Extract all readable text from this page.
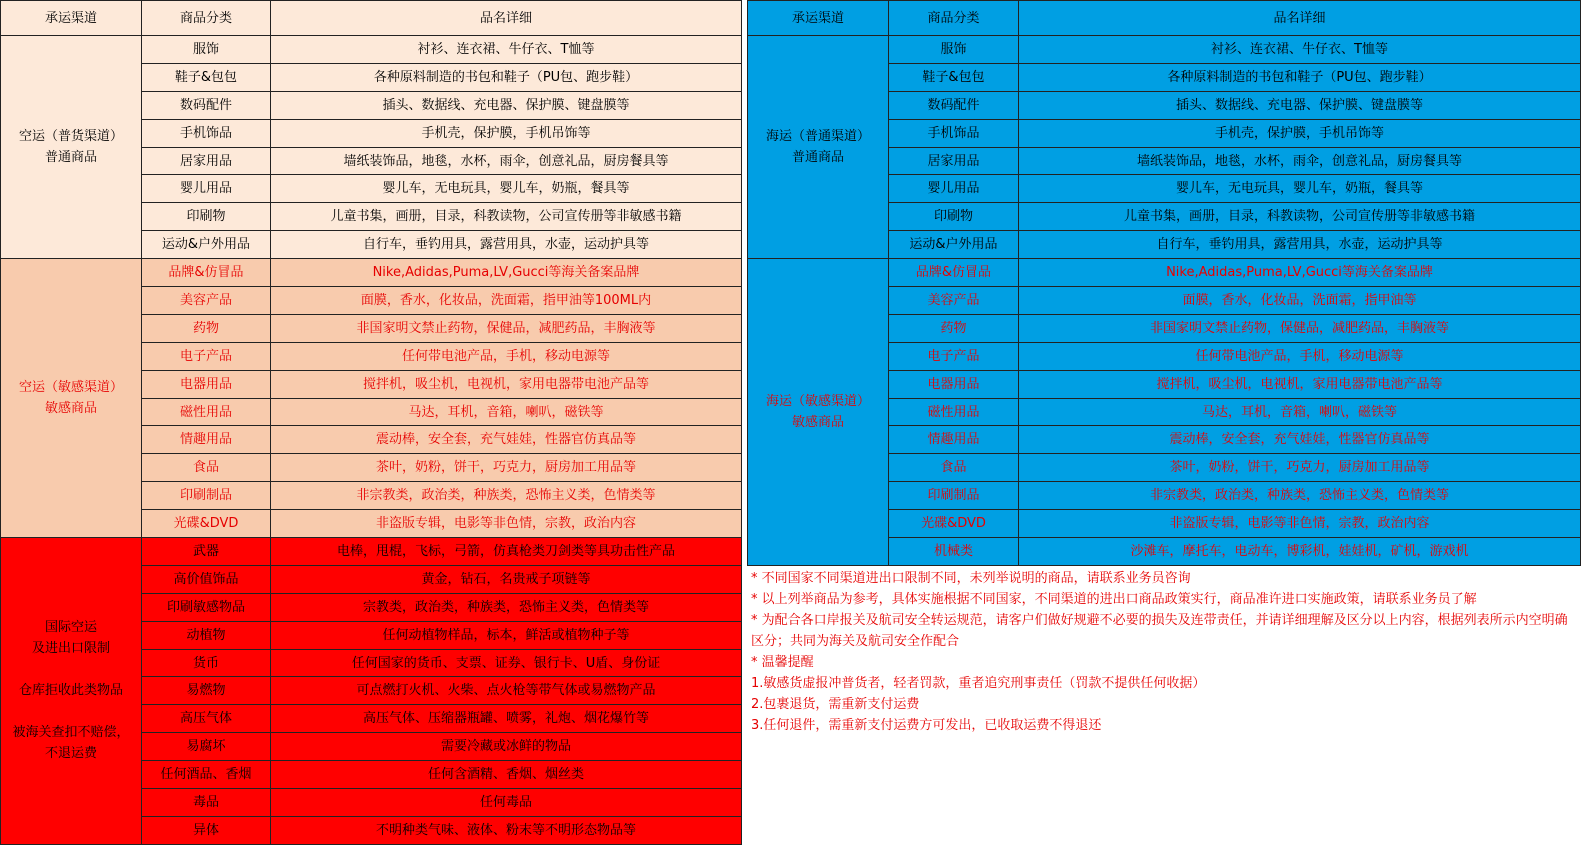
承运渠道	商品分类	品名详细

空运（普货渠道）
普通商品	服饰	衬衫、连衣裙、牛仔衣、T恤等
	鞋子&包包	各种原料制造的书包和鞋子（PU包、跑步鞋）
	数码配件	插头、数据线、充电器、保护膜、键盘膜等
	手机饰品	手机壳，保护膜，手机吊饰等
	居家用品	墙纸装饰品，地毯，水杯，雨伞，创意礼品，厨房餐具等
	婴儿用品	婴儿车，无电玩具，婴儿车，奶瓶，餐具等
	印刷物	儿童书集，画册，目录，科教读物，公司宣传册等非敏感书籍
	运动&户外用品	自行车，垂钓用具，露营用具，水壶，运动护具等

空运（敏感渠道）
敏感商品	品牌&仿冒品	Nike,Adidas,Puma,LV,Gucci等海关备案品牌
	美容产品	面膜，香水，化妆品，洗面霜，指甲油等100ML内
	药物	非国家明文禁止药物，保健品，减肥药品，丰胸液等
	电子产品	任何带电池产品，手机，移动电源等
	电器用品	搅拌机，吸尘机，电视机，家用电器带电池产品等
	磁性用品	马达，耳机，音箱，喇叭，磁铁等
	情趣用品	震动棒，安全套，充气娃娃，性器官仿真品等
	食品	茶叶，奶粉，饼干，巧克力，厨房加工用品等
	印刷制品	非宗教类，政治类，种族类，恐怖主义类，色情类等
	光碟&DVD	非盗版专辑，电影等非色情，宗教，政治内容

国际空运
及进出口限制
仓库拒收此类物品
被海关查扣不赔偿，
不退运费	武器	电棒，甩棍，飞标，弓箭，仿真枪类刀剑类等具功击性产品
	高价值饰品	黄金，钻石，名贵戒子项链等
	印刷敏感物品	宗教类，政治类，种族类，恐怖主义类，色情类等
	动植物	任何动植物样品，标本，鲜活或植物种子等
	货币	任何国家的货币、支票、证券、银行卡、U盾、身份证
	易燃物	可点燃打火机、火柴、点火枪等带气体或易燃物产品
	高压气体	高压气体、压缩器瓶罐、喷雾，礼炮、烟花爆竹等
	易腐坏	需要冷藏或冰鲜的物品
	任何酒品、香烟	任何含酒精、香烟、烟丝类
	毒品	任何毒品
	异体	不明种类气味、液体、粉末等不明形态物品等
承运渠道	商品分类	品名详细

海运（普通渠道）
普通商品	服饰	衬衫、连衣裙、牛仔衣、T恤等
	鞋子&包包	各种原料制造的书包和鞋子（PU包、跑步鞋）
	数码配件	插头、数据线、充电器、保护膜、键盘膜等
	手机饰品	手机壳，保护膜，手机吊饰等
	居家用品	墙纸装饰品，地毯，水杯，雨伞，创意礼品，厨房餐具等
	婴儿用品	婴儿车，无电玩具，婴儿车，奶瓶，餐具等
	印刷物	儿童书集，画册，目录，科教读物，公司宣传册等非敏感书籍
	运动&户外用品	自行车，垂钓用具，露营用具，水壶，运动护具等

海运（敏感渠道）
敏感商品	品牌&仿冒品	Nike,Adidas,Puma,LV,Gucci等海关备案品牌
	美容产品	面膜，香水，化妆品，洗面霜，指甲油等
	药物	非国家明文禁止药物，保健品，减肥药品，丰胸液等
	电子产品	任何带电池产品，手机，移动电源等
	电器用品	搅拌机，吸尘机，电视机，家用电器带电池产品等
	磁性用品	马达，耳机，音箱，喇叭，磁铁等
	情趣用品	震动棒，安全套，充气娃娃，性器官仿真品等
	食品	茶叶，奶粉，饼干，巧克力，厨房加工用品等
	印刷制品	非宗教类，政治类，种族类，恐怖主义类，色情类等
	光碟&DVD	非盗版专辑，电影等非色情，宗教，政治内容
	机械类	沙滩车，摩托车，电动车，博彩机，娃娃机，矿机，游戏机

* 不同国家不同渠道进出口限制不同，未列举说明的商品，请联系业务员咨询

* 以上列举商品为参考，具体实施根据不同国家，不同渠道的进出口商品政策实行，商品准许进口实施政策，请联系业务员了解

* 为配合各口岸报关及航司安全转运规范，请客户们做好规避不必要的损失及连带责任，并请详细理解及区分以上内容，根据列表所示内空明确区分；共同为海关及航司安全作配合

* 温馨提醒

1.敏感货虚报冲普货者，轻者罚款，重者追究刑事责任（罚款不提供任何收据）

2.包裹退货，需重新支付运费

3.任何退件，需重新支付运费方可发出，已收取运费不得退还
